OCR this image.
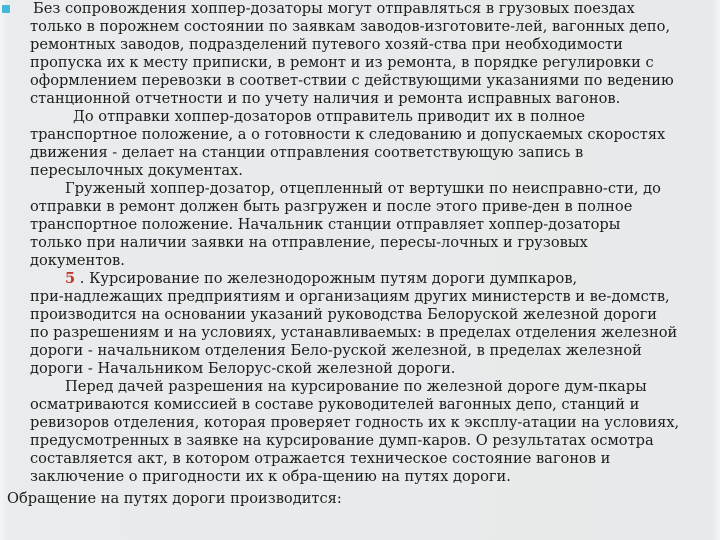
Без сопровождения хоппер-дозаторы могут отправляться в грузовых поездах
только в порожнем состоянии по заявкам заводов-изготовите-лей, вагонных депо,
ремонтных заводов, подразделений путевого хозяй-ства при необходимости
пропуска их к месту приписки, в ремонт и из ремонта, в порядке регулировки с
оформлением перевозки в соответ-ствии с действующими указаниями по ведению
станционной отчетности и по учету наличия и ремонта исправных вагонов.
До отправки хоппер-дозаторов отправитель приводит их в полное
транспортное положение, а о готовности к следованию и допускаемых скоростях
движения - делает на станции отправления соответствующую запись в
пересылочных документах.
Груженый хоппер-дозатор, отцепленный от вертушки по неисправно-сти, до
отправки в ремонт должен быть разгружен и после этого приве-ден в полное
транспортное положение. Начальник станции отправляет хоппер-дозаторы
только при наличии заявки на отправление, пересы-лочных и грузовых
документов.
5 . Курсирование по железнодорожным путям дороги думпкаров,
при-надлежащих предприятиям и организациям других министерств и ве-домств,
производится на основании указаний руководства Белоруской железной дороги
по разрешениям и на условиях, устанавливаемых: в пределах отделения железной
дороги - начальником отделения Бело-руской железной, в пределах железной
дороги - Начальником Белорус-ской железной дороги.
Перед дачей разрешения на курсирование по железной дороге дум-пкары
осматриваются комиссией в составе руководителей вагонных депо, станций и
ревизоров отделения, которая проверяет годность их к эксплу-атации на условиях,
предусмотренных в заявке на курсирование думп-каров. О результатах осмотра
составляется акт, в котором отражается техническое состояние вагонов и
заключение о пригодности их к обра-щению на путях дороги.
Обращение на путях дороги производится:
